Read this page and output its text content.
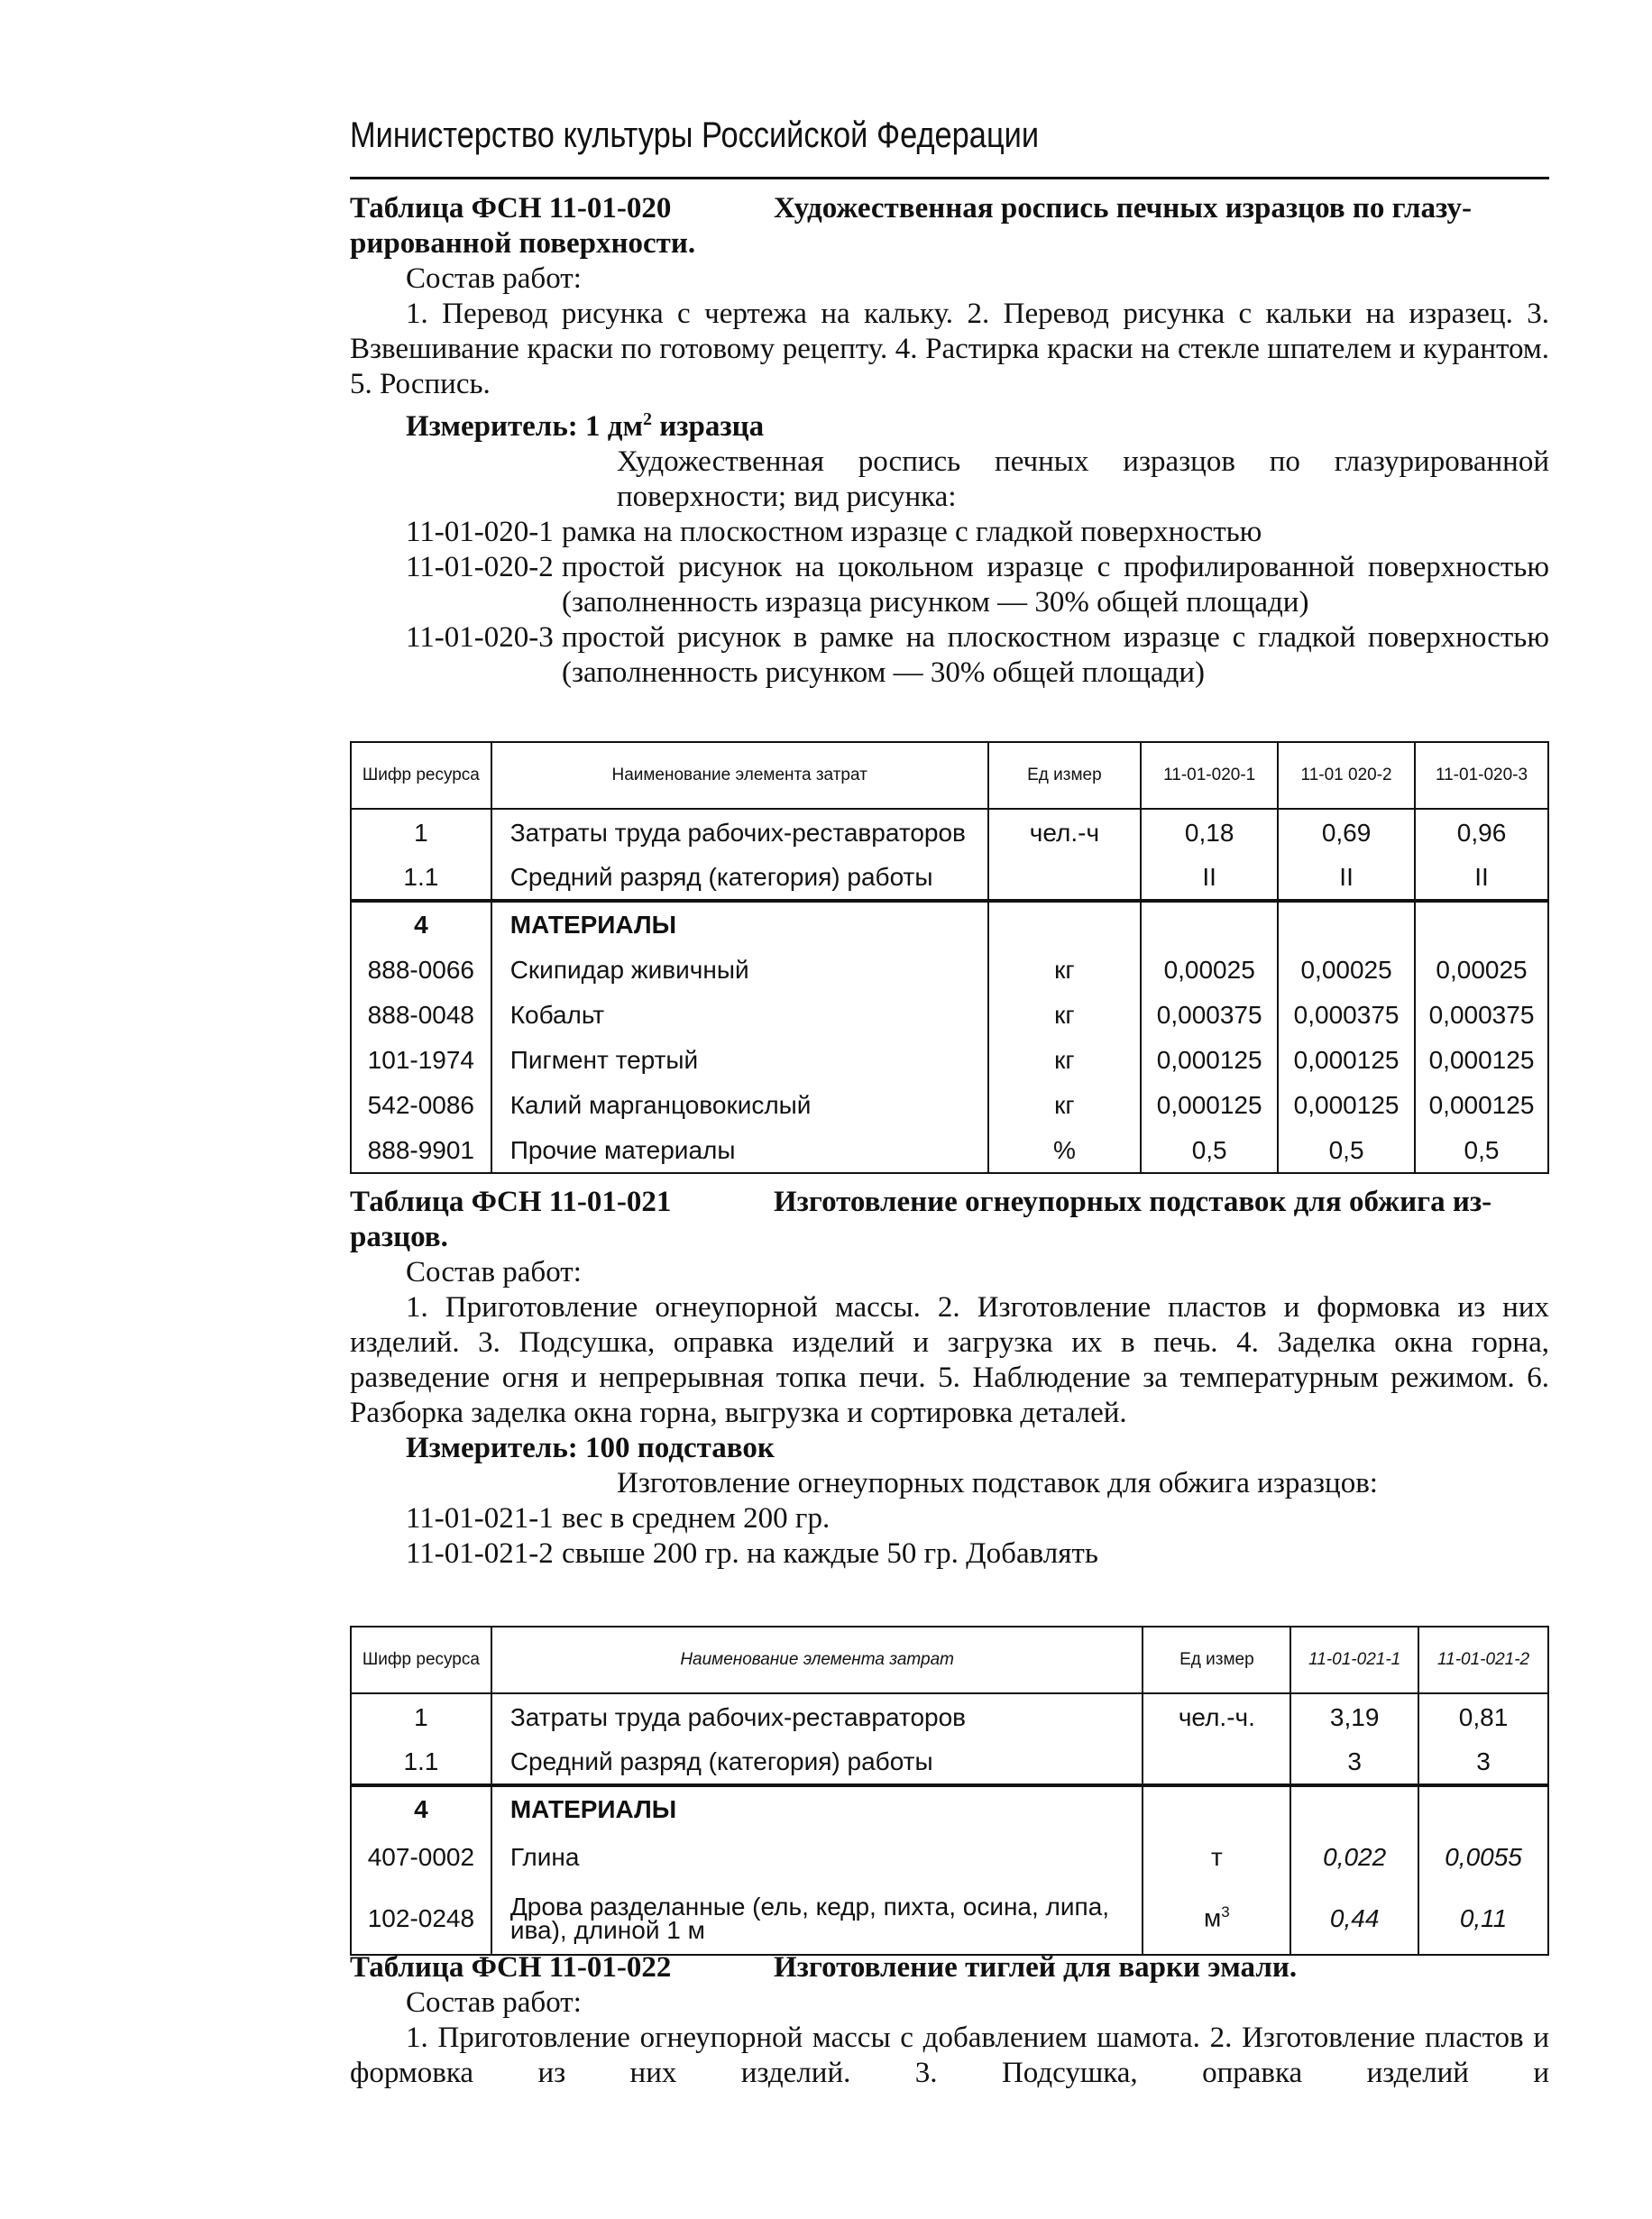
Министерство культуры Российской Федерации
Таблица ФСН 11-01-020	Художественная роспись печных изразцов по глазу-
рированной поверхности.
Состав работ:
1. Перевод рисунка с чертежа на кальку. 2. Перевод рисунка с кальки на изразец. 3. Взвешивание краски по готовому рецепту. 4. Растирка краски на стекле шпателем и курантом. 5. Роспись.
Измеритель: 1 $дм^2$ изразца
Художественная роспись печных изразцов по глазурированной поверхности; вид рисунка:
11-01-020-1 рамка на плоскостном изразце с гладкой поверхностью
11-01-020-2 простой рисунок на цокольном изразце с профилированной поверхностью (заполненность изразца рисунком — 30% общей площади)
11-01-020-3 простой рисунок в рамке на плоскостном изразце с гладкой поверхностью (заполненность рисунком — 30% общей площади)
Шифр ресурса	Наименование элемента затрат	Ед измер	11-01-020-1	11-01 020-2	11-01-020-3
1	Затраты труда рабочих-реставраторов	чел.-ч	0,18	0,69	0,96
1.1	Средний разряд (категория) работы		II	II	II
4	МАТЕРИАЛЫ				
888-0066	Скипидар живичный	кг	0,00025	0,00025	0,00025
888-0048	Кобальт	кг	0,000375	0,000375	0,000375
101-1974	Пигмент тертый	кг	0,000125	0,000125	0,000125
542-0086	Калий марганцовокислый	кг	0,000125	0,000125	0,000125
888-9901	Прочие материалы	%	0,5	0,5	0,5
Таблица ФСН 11-01-021	Изготовление огнеупорных подставок для обжига из-
разцов.
Состав работ:
1. Приготовление огнеупорной массы. 2. Изготовление пластов и формовка из них изделий. 3. Подсушка, оправка изделий и загрузка их в печь. 4. Заделка окна горна, разведение огня и непрерывная топка печи. 5. Наблюдение за температурным режимом. 6. Разборка заделка окна горна, выгрузка и сортировка деталей.
Измеритель: 100 подставок
Изготовление огнеупорных подставок для обжига изразцов:
11-01-021-1 вес в среднем 200 гр.
11-01-021-2 свыше 200 гр. на каждые 50 гр. Добавлять
Шифр ресурса	Наименование элемента затрат	Ед измер	11-01-021-1	11-01-021-2
1	Затраты труда рабочих-реставраторов	чел.-ч.	3,19	0,81
1.1	Средний разряд (категория) работы		3	3
4	МАТЕРИАЛЫ			
407-0002	Глина	т	0,022	0,0055
102-0248	Дрова разделанные (ель, кедр, пихта, осина, липа, ива), длиной 1 м	$м^3$	0,44	0,11
Таблица ФСН 11-01-022	Изготовление тиглей для варки эмали.
Состав работ:
1. Приготовление огнеупорной массы с добавлением шамота. 2. Изготовление пластов и формовка из них изделий. 3. Подсушка, оправка изделий и
